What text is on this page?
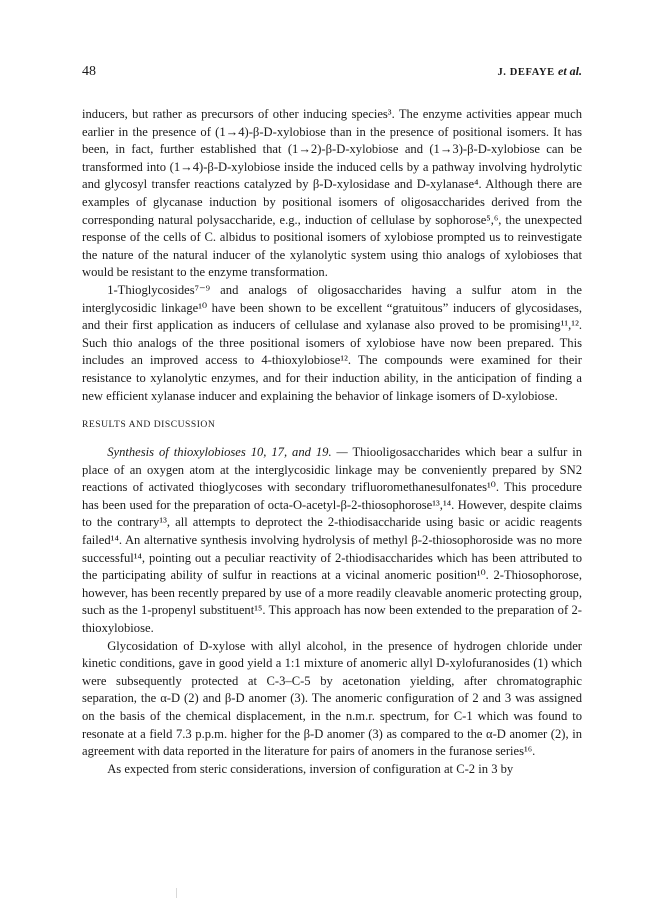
48	J. DEFAYE et al.

inducers, but rather as precursors of other inducing species³. The enzyme activities appear much earlier in the presence of (1→4)-β-D-xylobiose than in the presence of positional isomers. It has been, in fact, further established that (1→2)-β-D-xylobiose and (1→3)-β-D-xylobiose can be transformed into (1→4)-β-D-xylobiose inside the induced cells by a pathway involving hydrolytic and glycosyl transfer reactions catalyzed by β-D-xylosidase and D-xylanase⁴. Although there are examples of glycanase induction by positional isomers of oligosaccharides derived from the corresponding natural polysaccharide, e.g., induction of cellulase by sophorose⁵,⁶, the unexpected response of the cells of C. albidus to positional isomers of xylobiose prompted us to reinvestigate the nature of the natural inducer of the xylanolytic system using thio analogs of xylobioses that would be resistant to the enzyme transformation.

1-Thioglycosides⁷⁻⁹ and analogs of oligosaccharides having a sulfur atom in the interglycosidic linkage¹⁰ have been shown to be excellent “gratuitous” inducers of glycosidases, and their first application as inducers of cellulase and xylanase also proved to be promising¹¹,¹². Such thio analogs of the three positional isomers of xylobiose have now been prepared. This includes an improved access to 4-thioxylobiose¹². The compounds were examined for their resistance to xylanolytic enzymes, and for their induction ability, in the anticipation of finding a new efficient xylanase inducer and explaining the behavior of linkage isomers of D-xylobiose.

RESULTS AND DISCUSSION

Synthesis of thioxylobioses 10, 17, and 19. — Thiooligosaccharides which bear a sulfur in place of an oxygen atom at the interglycosidic linkage may be conveniently prepared by SN2 reactions of activated thioglycoses with secondary trifluoromethanesulfonates¹⁰. This procedure has been used for the preparation of octa-O-acetyl-β-2-thiosophorose¹³,¹⁴. However, despite claims to the contrary¹³, all attempts to deprotect the 2-thiodisaccharide using basic or acidic reagents failed¹⁴. An alternative synthesis involving hydrolysis of methyl β-2-thiosophoroside was no more successful¹⁴, pointing out a peculiar reactivity of 2-thiodisaccharides which has been attributed to the participating ability of sulfur in reactions at a vicinal anomeric position¹⁰. 2-Thiosophorose, however, has been recently prepared by use of a more readily cleavable anomeric protecting group, such as the 1-propenyl substituent¹⁵. This approach has now been extended to the preparation of 2-thioxylobiose.

Glycosidation of D-xylose with allyl alcohol, in the presence of hydrogen chloride under kinetic conditions, gave in good yield a 1:1 mixture of anomeric allyl D-xylofuranosides (1) which were subsequently protected at C-3–C-5 by acetonation yielding, after chromatographic separation, the α-D (2) and β-D anomer (3). The anomeric configuration of 2 and 3 was assigned on the basis of the chemical displacement, in the n.m.r. spectrum, for C-1 which was found to resonate at a field 7.3 p.p.m. higher for the β-D anomer (3) as compared to the α-D anomer (2), in agreement with data reported in the literature for pairs of anomers in the furanose series¹⁶.

As expected from steric considerations, inversion of configuration at C-2 in 3 by
